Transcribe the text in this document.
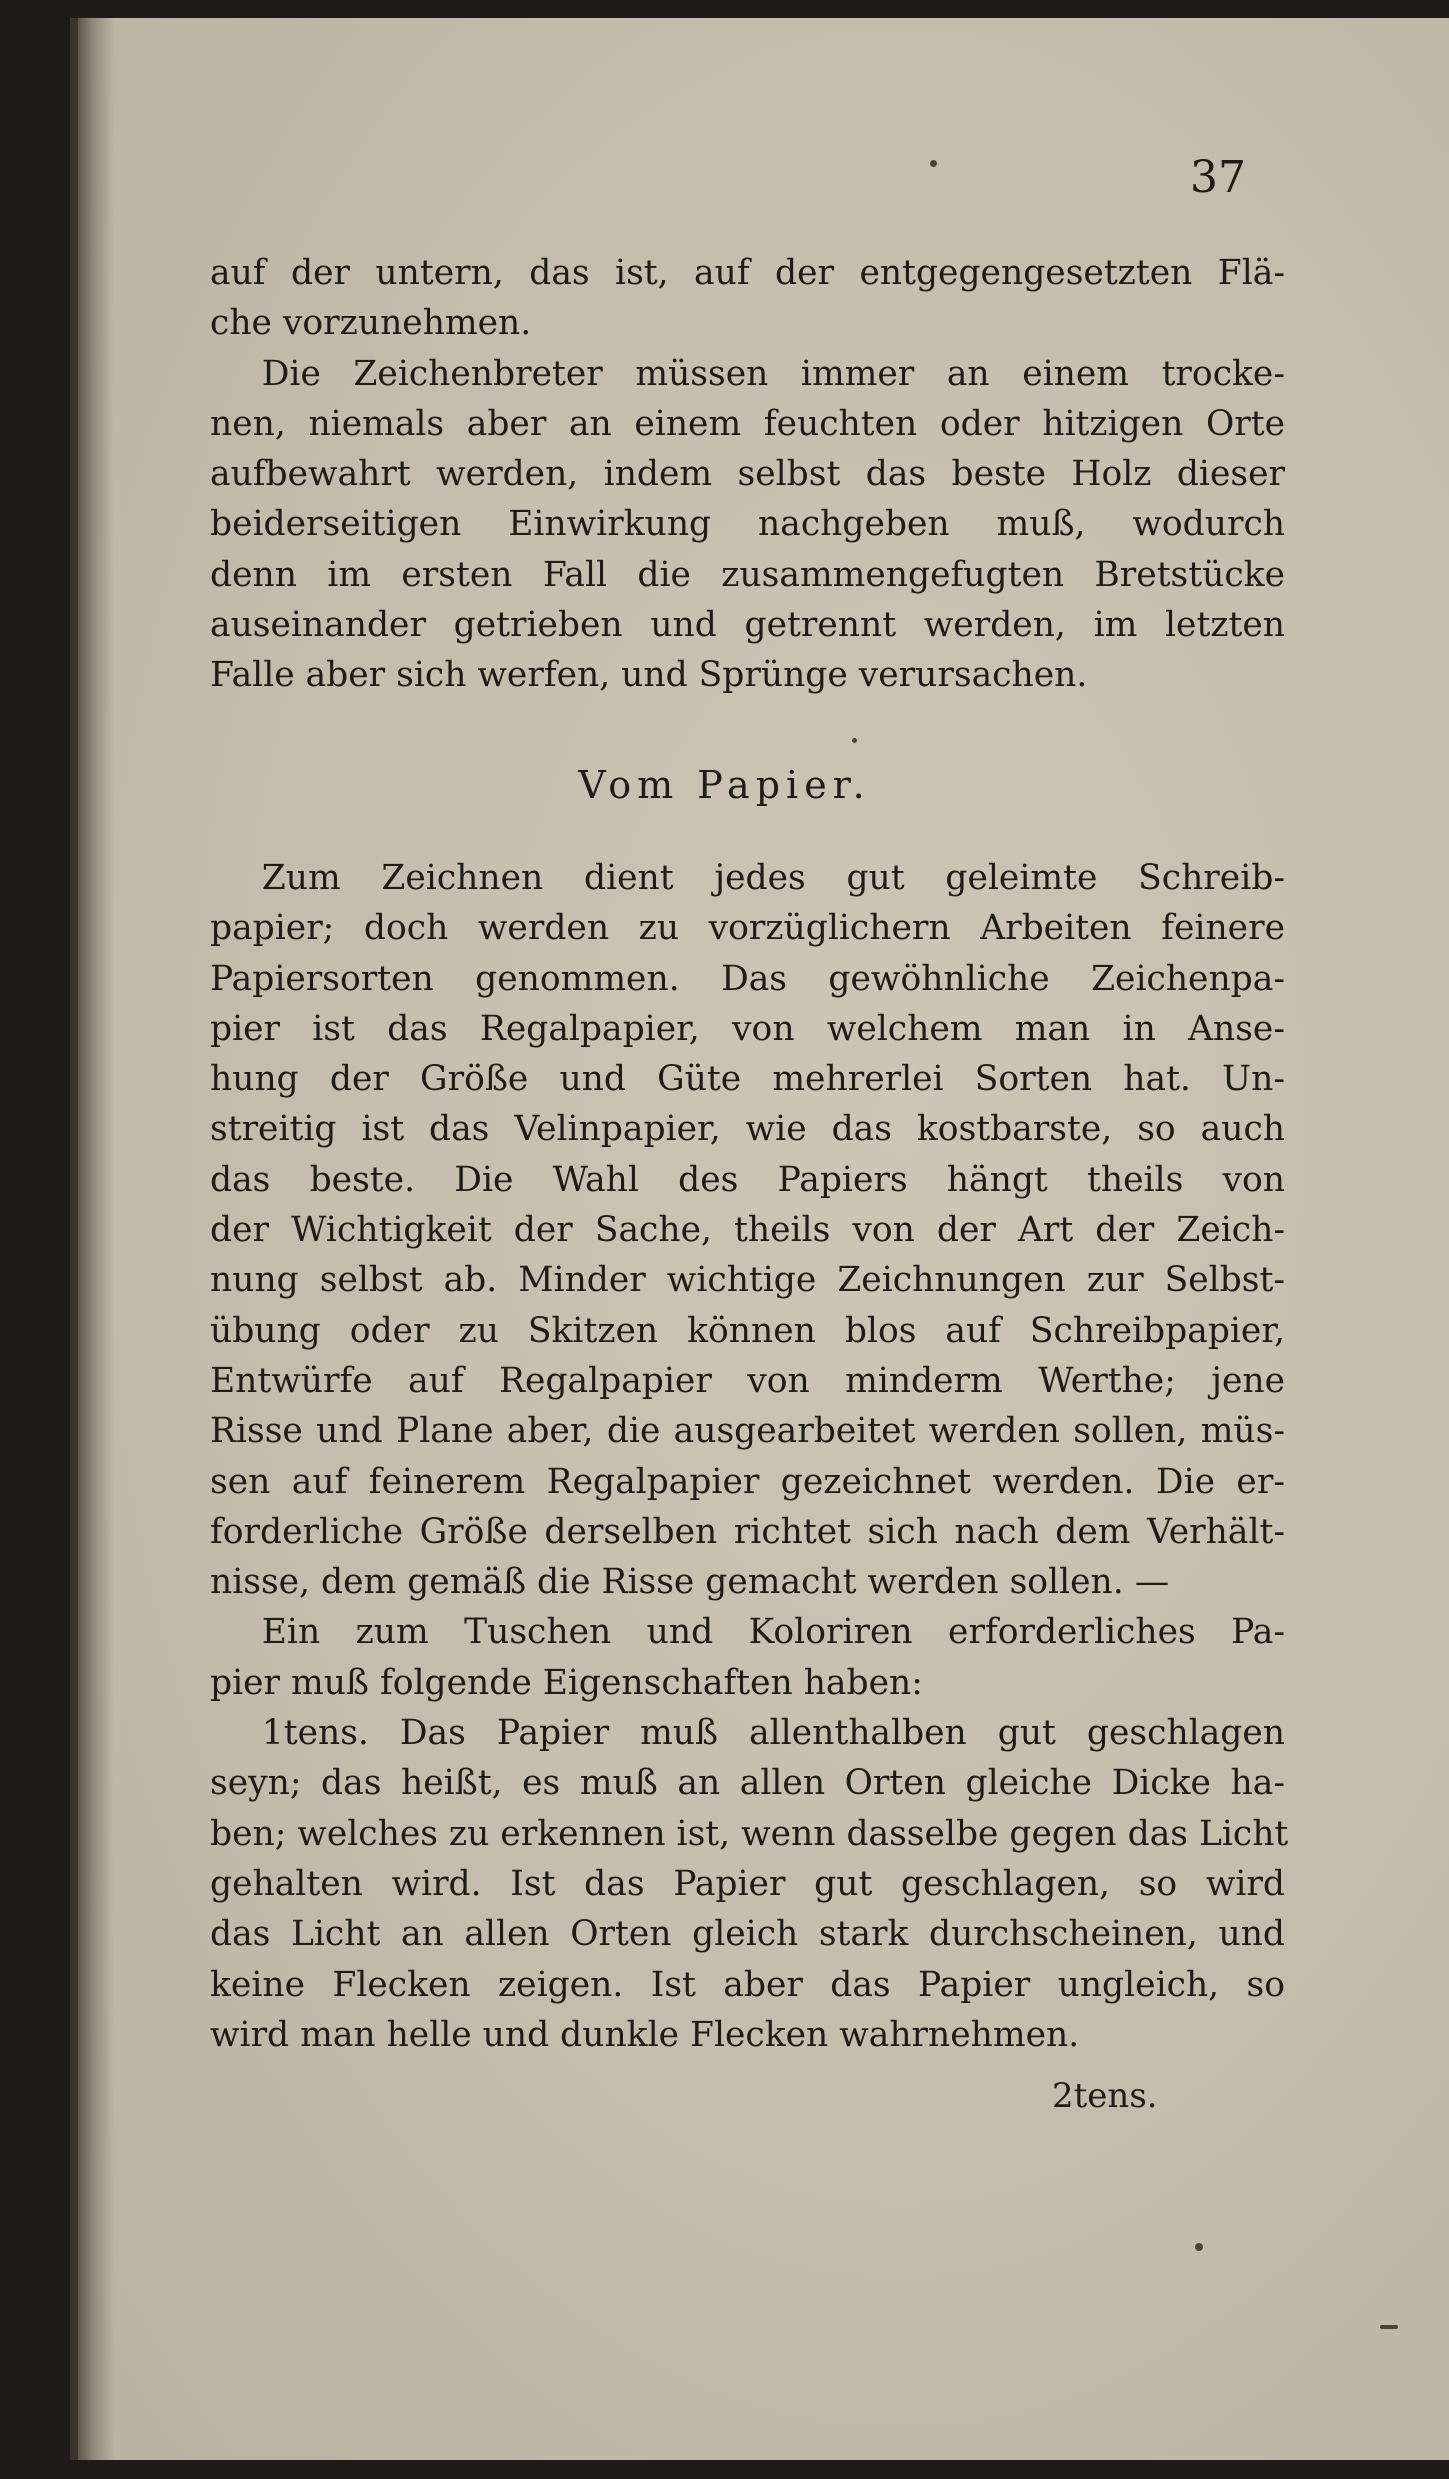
37
auf der untern, das ist, auf der entgegengesetzten Flä-
che vorzunehmen.
  Die Zeichenbreter müssen immer an einem trocke-
nen, niemals aber an einem feuchten oder hitzigen Orte
aufbewahrt werden, indem selbst das beste Holz dieser
beiderseitigen Einwirkung nachgeben muß, wodurch
denn im ersten Fall die zusammengefugten Bretstücke
auseinander getrieben und getrennt werden, im letzten
Falle aber sich werfen, und Sprünge verursachen.
Vom Papier.
  Zum Zeichnen dient jedes gut geleimte Schreib-
papier; doch werden zu vorzüglichern Arbeiten feinere
Papiersorten genommen. Das gewöhnliche Zeichenpa-
pier ist das Regalpapier, von welchem man in Anse-
hung der Größe und Güte mehrerlei Sorten hat. Un-
streitig ist das Velinpapier, wie das kostbarste, so auch
das beste. Die Wahl des Papiers hängt theils von
der Wichtigkeit der Sache, theils von der Art der Zeich-
nung selbst ab. Minder wichtige Zeichnungen zur Selbst-
übung oder zu Skitzen können blos auf Schreibpapier,
Entwürfe auf Regalpapier von minderm Werthe; jene
Risse und Plane aber, die ausgearbeitet werden sollen, müs-
sen auf feinerem Regalpapier gezeichnet werden. Die er-
forderliche Größe derselben richtet sich nach dem Verhält-
nisse, dem gemäß die Risse gemacht werden sollen. —
  Ein zum Tuschen und Koloriren erforderliches Pa-
pier muß folgende Eigenschaften haben:
  1tens. Das Papier muß allenthalben gut geschlagen
seyn; das heißt, es muß an allen Orten gleiche Dicke ha-
ben; welches zu erkennen ist, wenn dasselbe gegen das Licht
gehalten wird. Ist das Papier gut geschlagen, so wird
das Licht an allen Orten gleich stark durchscheinen, und
keine Flecken zeigen. Ist aber das Papier ungleich, so
wird man helle und dunkle Flecken wahrnehmen.
2tens.
